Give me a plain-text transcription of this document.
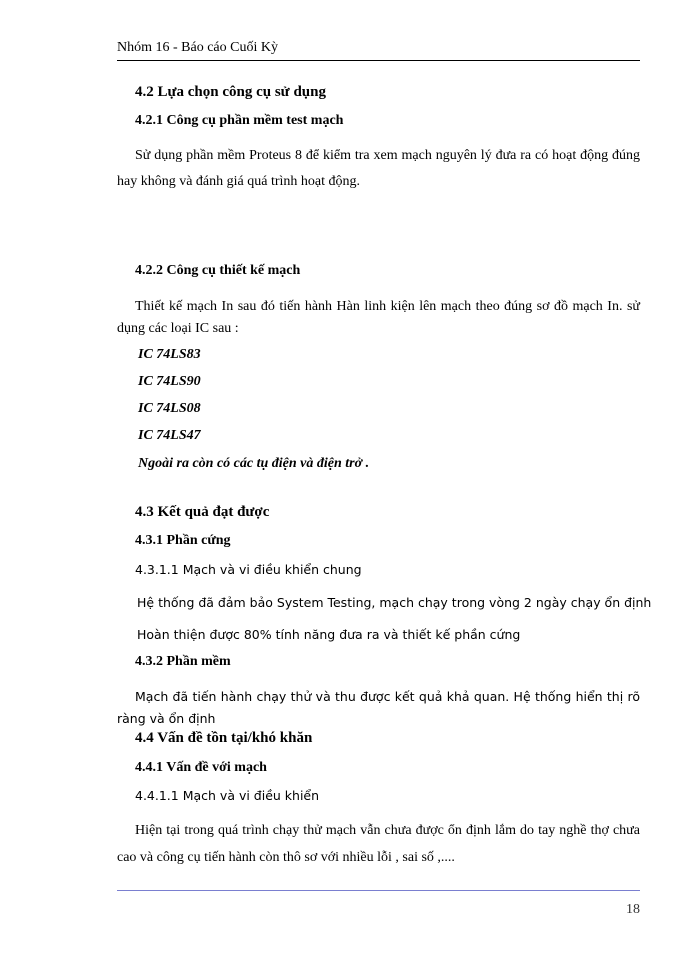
Nhóm 16 - Báo cáo Cuối Kỳ
4.2 Lựa chọn công cụ sử dụng
4.2.1 Công cụ phần mềm test mạch
Sử dụng phần mềm Proteus 8 để kiểm tra xem mạch nguyên lý đưa ra có hoạt động đúng hay không và đánh giá quá trình hoạt động.
4.2.2 Công cụ thiết kế mạch
Thiết kế mạch In sau đó tiến hành Hàn linh kiện lên mạch theo đúng sơ đồ mạch In. sử dụng các loại IC sau :
IC 74LS83
IC 74LS90
IC 74LS08
IC 74LS47
Ngoài ra còn có các tụ điện và điện trở .
4.3 Kết quả đạt được
4.3.1 Phần cứng
4.3.1.1 Mạch và vi điều khiển chung
Hệ thống đã đảm bảo System Testing, mạch chạy trong vòng 2 ngày chạy ổn định
Hoàn thiện được 80% tính năng đưa ra và thiết kế phần cứng
4.3.2 Phần mềm
Mạch đã tiến hành chạy thử và thu được kết quả khả quan. Hệ thống hiển thị rõ ràng và ổn định
4.4 Vấn đề tồn tại/khó khăn
4.4.1 Vấn đề với mạch
4.4.1.1 Mạch và vi điều khiển
Hiện tại trong quá trình chạy thử mạch vẫn chưa được ổn định lắm do tay nghề thợ chưa cao và công cụ tiến hành còn thô sơ với nhiều lỗi , sai số ,....
18
